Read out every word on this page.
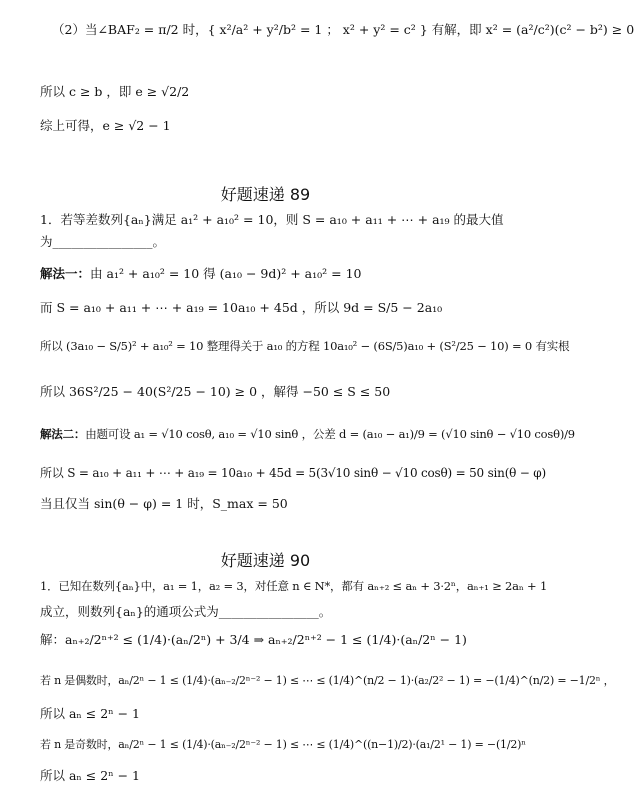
（2）当∠BAF₂ = π/2 时，{ x²/a² + y²/b² = 1 ； x² + y² = c² } 有解，即 x² = (a²/c²)(c² − b²) ≥ 0
所以 c ≥ b ，即 e ≥ √2/2
综上可得，e ≥ √2 − 1
好题速递 89
1．若等差数列{aₙ}满足 a₁² + a₁₀² = 10，则 S = a₁₀ + a₁₁ + ⋯ + a₁₉ 的最大值
为________________。
解法一：由 a₁² + a₁₀² = 10 得 (a₁₀ − 9d)² + a₁₀² = 10
而 S = a₁₀ + a₁₁ + ⋯ + a₁₉ = 10a₁₀ + 45d ，所以 9d = S/5 − 2a₁₀
所以 (3a₁₀ − S/5)² + a₁₀² = 10 整理得关于 a₁₀ 的方程 10a₁₀² − (6S/5)a₁₀ + (S²/25 − 10) = 0 有实根
所以 36S²/25 − 40(S²/25 − 10) ≥ 0 ，解得 −50 ≤ S ≤ 50
解法二：由题可设 a₁ = √10 cosθ, a₁₀ = √10 sinθ ，公差 d = (a₁₀ − a₁)/9 = (√10 sinθ − √10 cosθ)/9
所以 S = a₁₀ + a₁₁ + ⋯ + a₁₉ = 10a₁₀ + 45d = 5(3√10 sinθ − √10 cosθ) = 50 sin(θ − φ)
当且仅当 sin(θ − φ) = 1 时，S_max = 50
好题速递 90
1．已知在数列{aₙ}中，a₁ = 1，a₂ = 3，对任意 n ∈ N*，都有 aₙ₊₂ ≤ aₙ + 3·2ⁿ，aₙ₊₁ ≥ 2aₙ + 1
成立，则数列{aₙ}的通项公式为________________。
解：aₙ₊₂/2ⁿ⁺² ≤ (1/4)·(aₙ/2ⁿ) + 3/4 ⇒ aₙ₊₂/2ⁿ⁺² − 1 ≤ (1/4)·(aₙ/2ⁿ − 1)
若 n 是偶数时，aₙ/2ⁿ − 1 ≤ (1/4)·(aₙ₋₂/2ⁿ⁻² − 1) ≤ ⋯ ≤ (1/4)^(n/2 − 1)·(a₂/2² − 1) = −(1/4)^(n/2) = −1/2ⁿ ，
所以 aₙ ≤ 2ⁿ − 1
若 n 是奇数时，aₙ/2ⁿ − 1 ≤ (1/4)·(aₙ₋₂/2ⁿ⁻² − 1) ≤ ⋯ ≤ (1/4)^((n−1)/2)·(a₁/2¹ − 1) = −(1/2)ⁿ
所以 aₙ ≤ 2ⁿ − 1
